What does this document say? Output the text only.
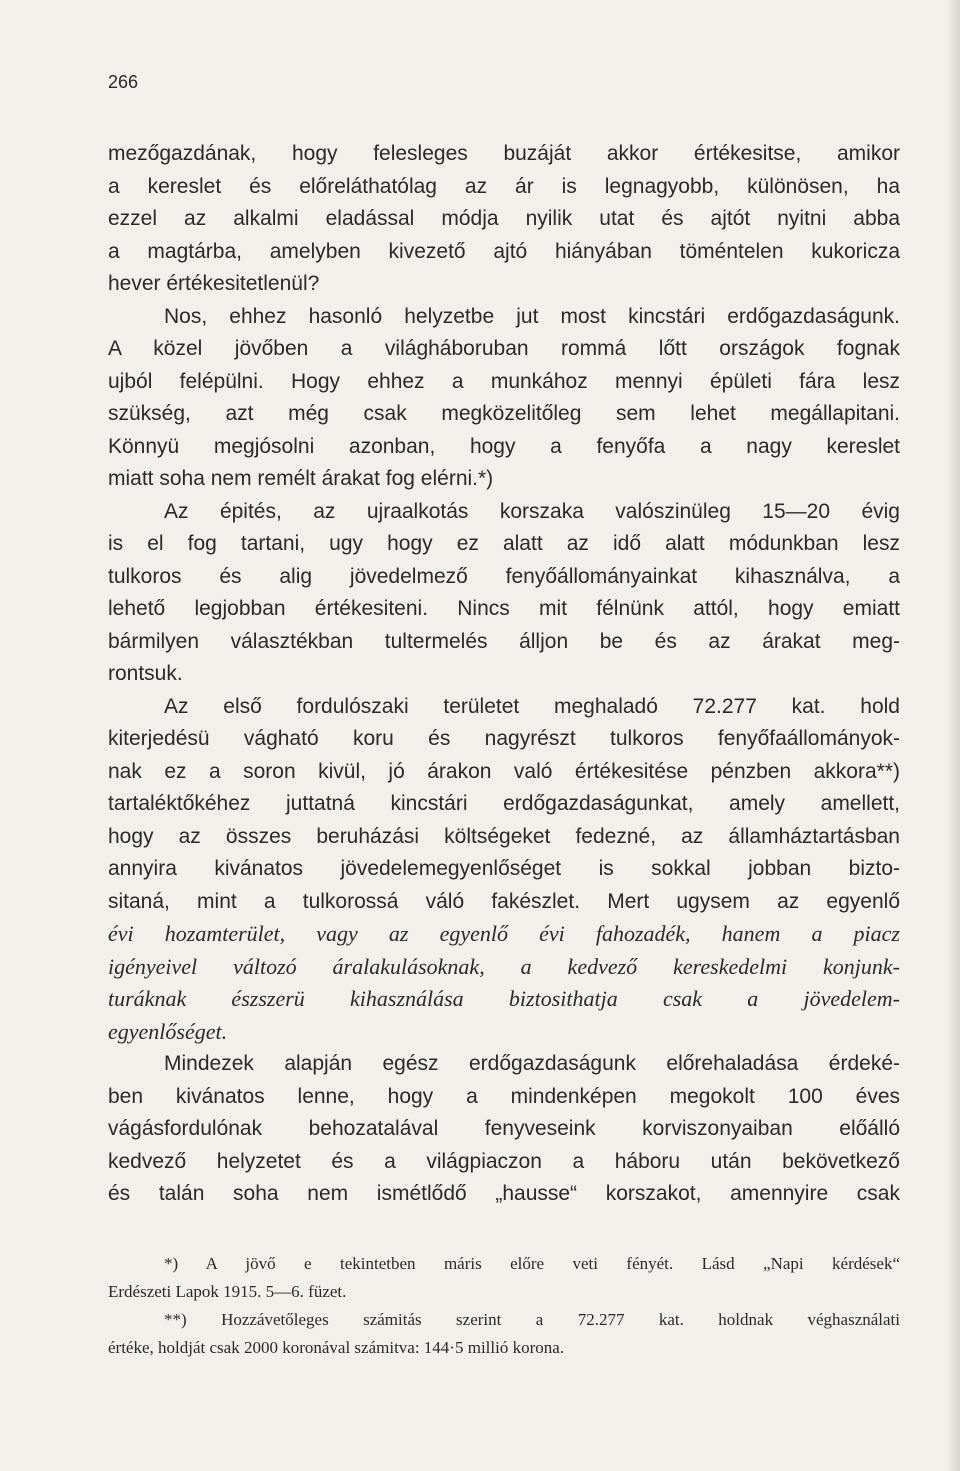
266
mezőgazdának, hogy felesleges buzáját akkor értékesitse, amikor
a kereslet és előreláthatólag az ár is legnagyobb, különösen, ha
ezzel az alkalmi eladással módja nyilik utat és ajtót nyitni abba
a magtárba, amelyben kivezető ajtó hiányában töméntelen kukoricza
hever értékesitetlenül?
Nos, ehhez hasonló helyzetbe jut most kincstári erdőgazdaságunk.
A közel jövőben a világháboruban rommá lőtt országok fognak
ujból felépülni. Hogy ehhez a munkához mennyi épületi fára lesz
szükség, azt még csak megközelitőleg sem lehet megállapitani.
Könnyü megjósolni azonban, hogy a fenyőfa a nagy kereslet
miatt soha nem remélt árakat fog elérni.*)
Az épités, az ujraalkotás korszaka valószinüleg 15—20 évig
is el fog tartani, ugy hogy ez alatt az idő alatt módunkban lesz
tulkoros és alig jövedelmező fenyőállományainkat kihasználva, a
lehető legjobban értékesiteni. Nincs mit félnünk attól, hogy emiatt
bármilyen választékban tultermelés álljon be és az árakat meg-
rontsuk.
Az első fordulószaki területet meghaladó 72.277 kat. hold
kiterjedésü vágható koru és nagyrészt tulkoros fenyőfaállományok-
nak ez a soron kivül, jó árakon való értékesitése pénzben akkora**)
tartaléktőkéhez juttatná kincstári erdőgazdaságunkat, amely amellett,
hogy az összes beruházási költségeket fedezné, az államháztartásban
annyira kivánatos jövedelemegyenlőséget is sokkal jobban bizto-
sitaná, mint a tulkorossá váló fakészlet. Mert ugysem az egyenlő
évi hozamterület, vagy az egyenlő évi fahozadék, hanem a piacz
igényeivel változó áralakulásoknak, a kedvező kereskedelmi konjunk-
turáknak észszerü kihasználása biztosithatja csak a jövedelem-
egyenlőséget.
Mindezek alapján egész erdőgazdaságunk előrehaladása érdeké-
ben kivánatos lenne, hogy a mindenképen megokolt 100 éves
vágásfordulónak behozatalával fenyveseink korviszonyaiban előálló
kedvező helyzetet és a világpiaczon a háboru után bekövetkező
és talán soha nem ismétlődő „hausse“ korszakot, amennyire csak
*) A jövő e tekintetben máris előre veti fényét. Lásd „Napi kérdések“
Erdészeti Lapok 1915. 5—6. füzet.
**) Hozzávetőleges számitás szerint a 72.277 kat. holdnak véghasználati
értéke, holdját csak 2000 koronával számitva: 144·5 millió korona.
